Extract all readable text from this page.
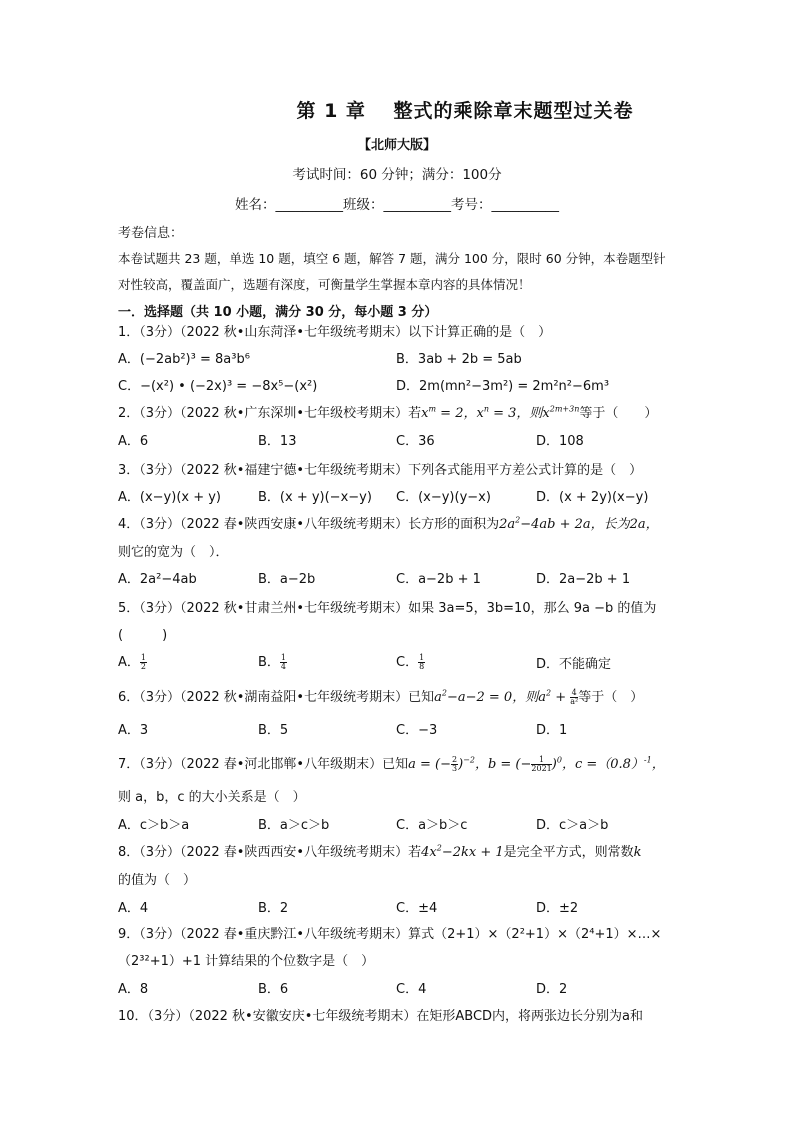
第 1 章　 整式的乘除章末题型过关卷
【北师大版】
考试时间：60 分钟；满分：100分
姓名：__________班级：__________考号：__________
考卷信息：
本卷试题共 23 题，单选 10 题，填空 6 题，解答 7 题，满分 100 分，限时 60 分钟，本卷题型针
对性较高，覆盖面广，选题有深度，可衡量学生掌握本章内容的具体情况！
一．选择题（共 10 小题，满分 30 分，每小题 3 分）
1．（3分）（2022 秋•山东菏泽•七年级统考期末）以下计算正确的是（　）
A．(−2ab²)³ = 8a³b⁶	B．3ab + 2b = 5ab
C．−(x²) • (−2x)³ = −8x⁵−(x²)	D．2m(mn²−3m²) = 2m²n²−6m³
2．（3分）（2022 秋•广东深圳•七年级校考期末）若$x^m = 2$，$x^n = 3$，则$x^{2m+3n}$等于（　　）
A．6	B．13	C．36	D．108
3．（3分）（2022 秋•福建宁德•七年级统考期末）下列各式能用平方差公式计算的是（　）
A．(x−y)(x + y)	B．(x + y)(−x−y) C．(x−y)(y−x)	D．(x + 2y)(x−y)
4．（3分）（2022 春•陕西安康•八年级统考期末）长方形的面积为$2a^2-4ab + 2a$，长为2a，
则它的宽为（　）．
A．2a²−4ab	B．a−2b	C．a−2b + 1	D．2a−2b + 1
5．（3分）（2022 秋•甘肃兰州•七年级统考期末）如果 3a=5，3b=10，那么 9a −b 的值为
(　　　)
A． $\frac{1}{2}$	B． $\frac{1}{4}$	C． $\frac{1}{8}$	D．不能确定
6．（3分）（2022 秋•湖南益阳•七年级统考期末）已知$a^2-a-2 = 0$，则$a^2 + \frac{4}{\text{a²}}$ 等于（　）
A．3	B．5	C．−3	D．1
7．（3分）（2022 春•河北邯郸•八年级期末）已知a = (− $\frac{2}{3} )^{-2}$，b = (− $\frac{1}{2021} )^0$，$c =(0.8)^{-1}$，
则 a，b，c 的大小关系是（　）
A．c＞b＞a	B．a＞c＞b	C．a＞b＞c	D．c＞a＞b
8．（3分）（2022 春•陕西西安•八年级统考期末）若$4x^2-2kx + 1$是完全平方式，则常数k
的值为（　）
A．4	B．2	C．±4	D．±2
9．（3分）（2022 春•重庆黔江•八年级统考期末）算式（2+1）×（2²+1）×（2⁴+1）×…×
（2³²+1）+1 计算结果的个位数字是（　）
A．8	B．6	C．4	D．2
10．（3分）（2022 秋•安徽安庆•七年级统考期末）在矩形ABCD内，将两张边长分别为a和
